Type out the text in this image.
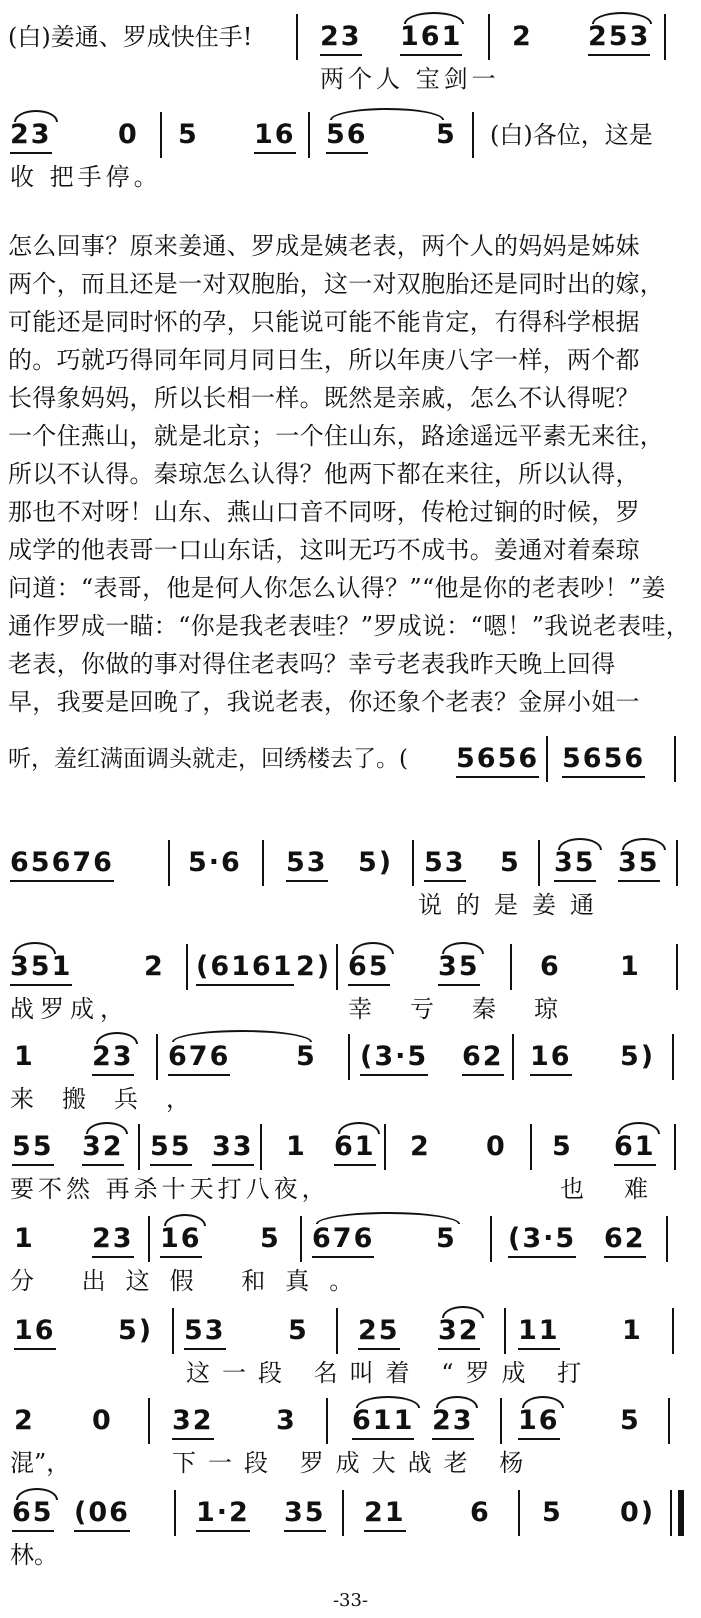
(白)姜通、罗成快住手!	23 161 2 253
两个人 宝剑一
23 0 5 16 56	5 (白)各位，这是
收 把手停。
怎么回事？原来姜通、罗成是姨老表，两个人的妈妈是姊妹
两个，而且还是一对双胞胎，这一对双胞胎还是同时出的嫁，
可能还是同时怀的孕，只能说可能不能肯定，冇得科学根据
的。巧就巧得同年同月同日生，所以年庚八字一样，两个都
长得象妈妈，所以长相一样。既然是亲戚，怎么不认得呢？
一个住燕山，就是北京；一个住山东，路途遥远平素无来往，
所以不认得。秦琼怎么认得？他两下都在来往，所以认得，
那也不对呀！山东、燕山口音不同呀，传枪过锏的时候，罗
成学的他表哥一口山东话，这叫无巧不成书。姜通对着秦琼
问道：“表哥，他是何人你怎么认得？”“他是你的老表吵！”姜
通作罗成一瞄：“你是我老表哇？”罗成说：“嗯！”我说老表哇，
老表，你做的事对得住老表吗？幸亏老表我昨天晚上回得
早，我要是回晚了，我说老表，你还象个老表？金屏小姐一
听，羞红满面调头就走，回绣楼去了。( 5656 5656
65676	5·6 53 5) 53 5 35 35
说的是姜通
351	2 (6161 2) 65 35 6 1
战罗成，	幸亏秦琼
1 23 676 5 (3·5 62 16 5)
来搬兵，
55 32 55 33 1 61 2 0 5 61
要不然 再杀十天打八夜，	也难
1 23 16 5 676 5 (3·5 62
分 出这假 和真。
16 5) 53 5 25 32 11 1
这一段 名叫着 “罗成 打
2 0 32 3 611 23 16 5
混”，	下一段 罗成大战老 杨
65 (06 1·2 35 21 6 5 0)
林。
-33-
